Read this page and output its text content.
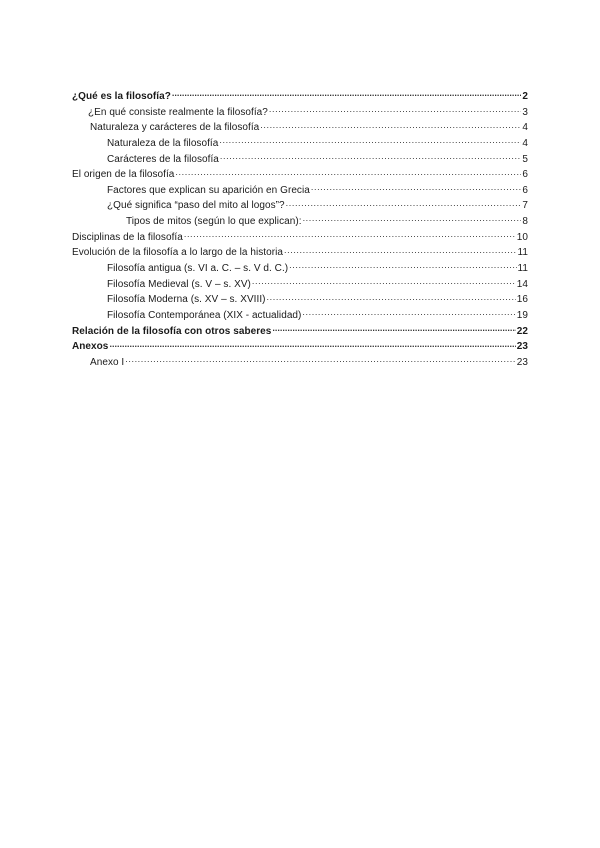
¿Qué es la filosofía? .....	2
¿En qué consiste realmente la filosofía? .....	3
Naturaleza y carácteres de la filosofía .....	4
Naturaleza de la filosofía .....	4
Carácteres de la filosofía .....	5
El origen de la filosofía .....	6
Factores que explican su aparición en Grecia .....	6
¿Qué significa “paso del mito al logos”? .....	7
Tipos de mitos (según lo que explican): .....	8
Disciplinas de la filosofía .....	10
Evolución de la filosofía a lo largo de la historia .....	11
Filosofía antigua (s. VI a. C. – s. V d. C.) .....	11
Filosofía Medieval (s. V – s. XV) .....	14
Filosofía Moderna (s. XV – s. XVIII) .....	16
Filosofía Contemporánea (XIX - actualidad) .....	19
Relación de la filosofía con otros saberes .....	22
Anexos .....	23
Anexo I .....	23
